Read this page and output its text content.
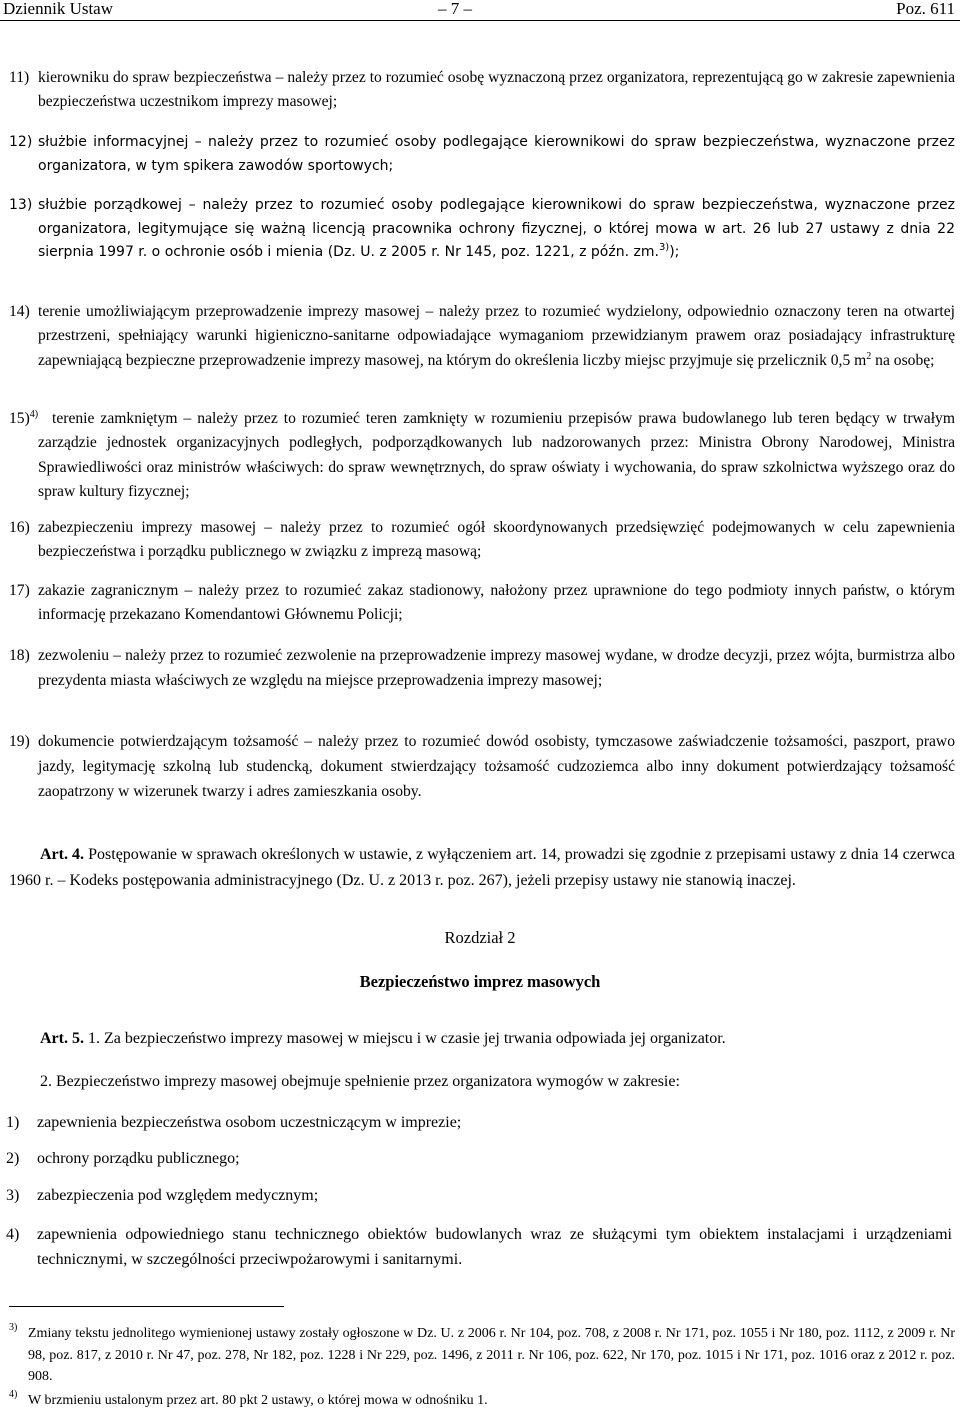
Dziennik Ustaw	– 7 –	Poz. 611
11) kierowniku do spraw bezpieczeństwa – należy przez to rozumieć osobę wyznaczoną przez organizatora, reprezentującą go w zakresie zapewnienia bezpieczeństwa uczestnikom imprezy masowej;
12) służbie informacyjnej – należy przez to rozumieć osoby podlegające kierownikowi do spraw bezpieczeństwa, wyznaczone przez organizatora, w tym spikera zawodów sportowych;
13) służbie porządkowej – należy przez to rozumieć osoby podlegające kierownikowi do spraw bezpieczeństwa, wyznaczone przez organizatora, legitymujące się ważną licencją pracownika ochrony fizycznej, o której mowa w art. 26 lub 27 ustawy z dnia 22 sierpnia 1997 r. o ochronie osób i mienia (Dz. U. z 2005 r. Nr 145, poz. 1221, z późn. zm.$^{3)}$);
14) terenie umożliwiającym przeprowadzenie imprezy masowej – należy przez to rozumieć wydzielony, odpowiednio oznaczony teren na otwartej przestrzeni, spełniający warunki higieniczno-sanitarne odpowiadające wymaganiom przewidzianym prawem oraz posiadający infrastrukturę zapewniającą bezpieczne przeprowadzenie imprezy masowej, na którym do określenia liczby miejsc przyjmuje się przelicznik 0,5 $m^2$ na osobę;
15)$^{4)}$ terenie zamkniętym – należy przez to rozumieć teren zamknięty w rozumieniu przepisów prawa budowlanego lub teren będący w trwałym zarządzie jednostek organizacyjnych podległych, podporządkowanych lub nadzorowanych przez: Ministra Obrony Narodowej, Ministra Sprawiedliwości oraz ministrów właściwych: do spraw wewnętrznych, do spraw oświaty i wychowania, do spraw szkolnictwa wyższego oraz do spraw kultury fizycznej;
16) zabezpieczeniu imprezy masowej – należy przez to rozumieć ogół skoordynowanych przedsięwzięć podejmowanych w celu zapewnienia bezpieczeństwa i porządku publicznego w związku z imprezą masową;
17) zakazie zagranicznym – należy przez to rozumieć zakaz stadionowy, nałożony przez uprawnione do tego podmioty innych państw, o którym informację przekazano Komendantowi Głównemu Policji;
18) zezwoleniu – należy przez to rozumieć zezwolenie na przeprowadzenie imprezy masowej wydane, w drodze decyzji, przez wójta, burmistrza albo prezydenta miasta właściwych ze względu na miejsce przeprowadzenia imprezy masowej;
19) dokumencie potwierdzającym tożsamość – należy przez to rozumieć dowód osobisty, tymczasowe zaświadczenie tożsamości, paszport, prawo jazdy, legitymację szkolną lub studencką, dokument stwierdzający tożsamość cudzoziemca albo inny dokument potwierdzający tożsamość zaopatrzony w wizerunek twarzy i adres zamieszkania osoby.
Art. 4. Postępowanie w sprawach określonych w ustawie, z wyłączeniem art. 14, prowadzi się zgodnie z przepisami ustawy z dnia 14 czerwca 1960 r. – Kodeks postępowania administracyjnego (Dz. U. z 2013 r. poz. 267), jeżeli przepisy ustawy nie stanowią inaczej.
Rozdział 2
Bezpieczeństwo imprez masowych
Art. 5. 1. Za bezpieczeństwo imprezy masowej w miejscu i w czasie jej trwania odpowiada jej organizator.
2. Bezpieczeństwo imprezy masowej obejmuje spełnienie przez organizatora wymogów w zakresie:
1)	zapewnienia bezpieczeństwa osobom uczestniczącym w imprezie;
2)	ochrony porządku publicznego;
3)	zabezpieczenia pod względem medycznym;
4)	zapewnienia odpowiedniego stanu technicznego obiektów budowlanych wraz ze służącymi tym obiektem instalacjami i urządzeniami technicznymi, w szczególności przeciwpożarowymi i sanitarnymi.
3) Zmiany tekstu jednolitego wymienionej ustawy zostały ogłoszone w Dz. U. z 2006 r. Nr 104, poz. 708, z 2008 r. Nr 171, poz. 1055 i Nr 180, poz. 1112, z 2009 r. Nr 98, poz. 817, z 2010 r. Nr 47, poz. 278, Nr 182, poz. 1228 i Nr 229, poz. 1496, z 2011 r. Nr 106, poz. 622, Nr 170, poz. 1015 i Nr 171, poz. 1016 oraz z 2012 r. poz. 908.
4) W brzmieniu ustalonym przez art. 80 pkt 2 ustawy, o której mowa w odnośniku 1.
